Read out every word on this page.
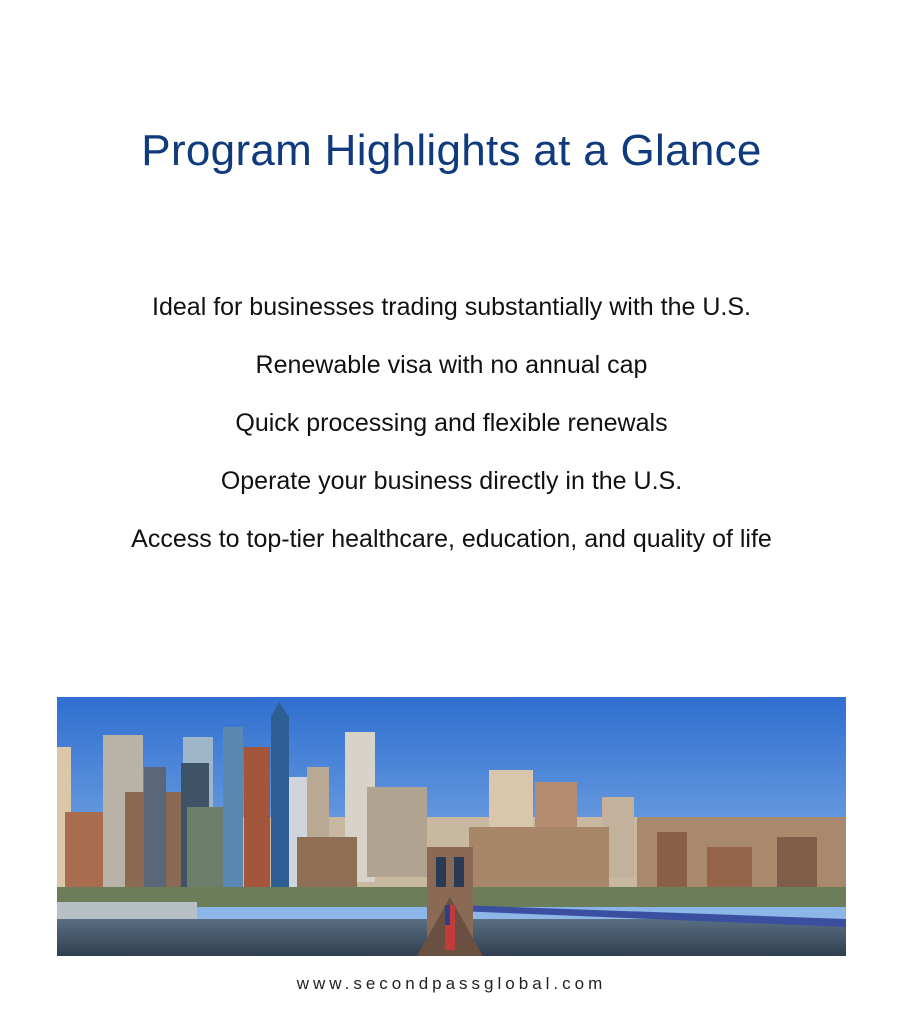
Program Highlights at a Glance
Ideal for businesses trading substantially with the U.S.
Renewable visa with no annual cap
Quick processing and flexible renewals
Operate your business directly in the U.S.
Access to top-tier healthcare, education, and quality of life
www.secondpassglobal.com
